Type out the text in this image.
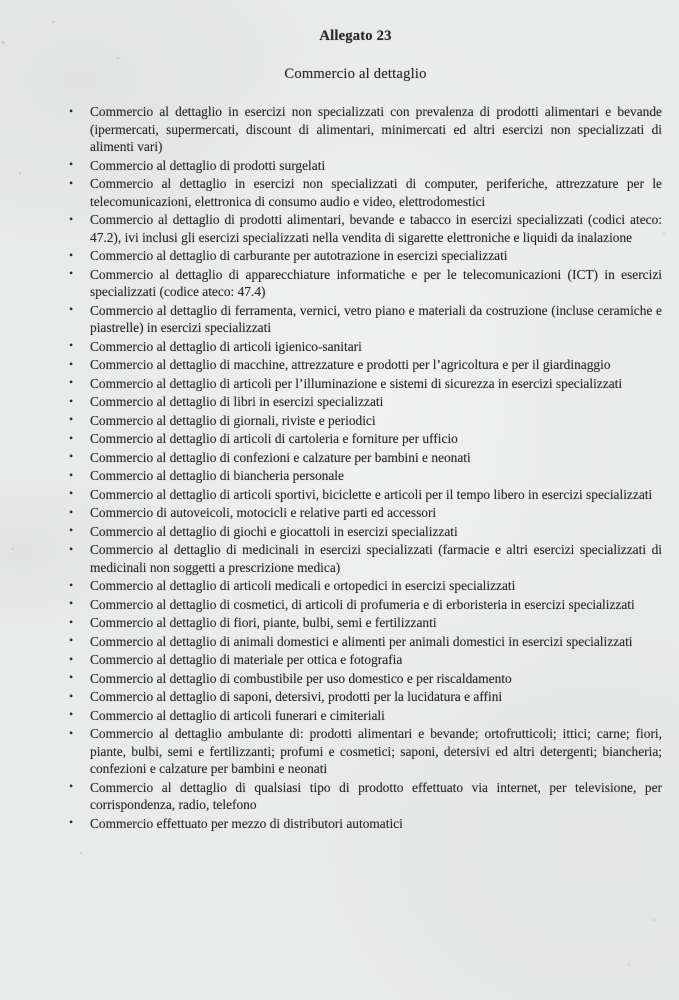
Allegato 23
Commercio al dettaglio
• Commercio al dettaglio in esercizi non specializzati con prevalenza di prodotti alimentari e bevande (ipermercati, supermercati, discount di alimentari, minimercati ed altri esercizi non specializzati di alimenti vari)
• Commercio al dettaglio di prodotti surgelati
• Commercio al dettaglio in esercizi non specializzati di computer, periferiche, attrezzature per le telecomunicazioni, elettronica di consumo audio e video, elettrodomestici
• Commercio al dettaglio di prodotti alimentari, bevande e tabacco in esercizi specializzati (codici ateco: 47.2), ivi inclusi gli esercizi specializzati nella vendita di sigarette elettroniche e liquidi da inalazione
• Commercio al dettaglio di carburante per autotrazione in esercizi specializzati
• Commercio al dettaglio di apparecchiature informatiche e per le telecomunicazioni (ICT) in esercizi specializzati (codice ateco: 47.4)
• Commercio al dettaglio di ferramenta, vernici, vetro piano e materiali da costruzione (incluse ceramiche e piastrelle) in esercizi specializzati
• Commercio al dettaglio di articoli igienico-sanitari
• Commercio al dettaglio di macchine, attrezzature e prodotti per l’agricoltura e per il giardinaggio
• Commercio al dettaglio di articoli per l’illuminazione e sistemi di sicurezza in esercizi specializzati
• Commercio al dettaglio di libri in esercizi specializzati
• Commercio al dettaglio di giornali, riviste e periodici
• Commercio al dettaglio di articoli di cartoleria e forniture per ufficio
• Commercio al dettaglio di confezioni e calzature per bambini e neonati
• Commercio al dettaglio di biancheria personale
• Commercio al dettaglio di articoli sportivi, biciclette e articoli per il tempo libero in esercizi specializzati
• Commercio di autoveicoli, motocicli e relative parti ed accessori
• Commercio al dettaglio di giochi e giocattoli in esercizi specializzati
• Commercio al dettaglio di medicinali in esercizi specializzati (farmacie e altri esercizi specializzati di medicinali non soggetti a prescrizione medica)
• Commercio al dettaglio di articoli medicali e ortopedici in esercizi specializzati
• Commercio al dettaglio di cosmetici, di articoli di profumeria e di erboristeria in esercizi specializzati
• Commercio al dettaglio di fiori, piante, bulbi, semi e fertilizzanti
• Commercio al dettaglio di animali domestici e alimenti per animali domestici in esercizi specializzati
• Commercio al dettaglio di materiale per ottica e fotografia
• Commercio al dettaglio di combustibile per uso domestico e per riscaldamento
• Commercio al dettaglio di saponi, detersivi, prodotti per la lucidatura e affini
• Commercio al dettaglio di articoli funerari e cimiteriali
• Commercio al dettaglio ambulante di: prodotti alimentari e bevande; ortofrutticoli; ittici; carne; fiori, piante, bulbi, semi e fertilizzanti; profumi e cosmetici; saponi, detersivi ed altri detergenti; biancheria; confezioni e calzature per bambini e neonati
• Commercio al dettaglio di qualsiasi tipo di prodotto effettuato via internet, per televisione, per corrispondenza, radio, telefono
• Commercio effettuato per mezzo di distributori automatici
